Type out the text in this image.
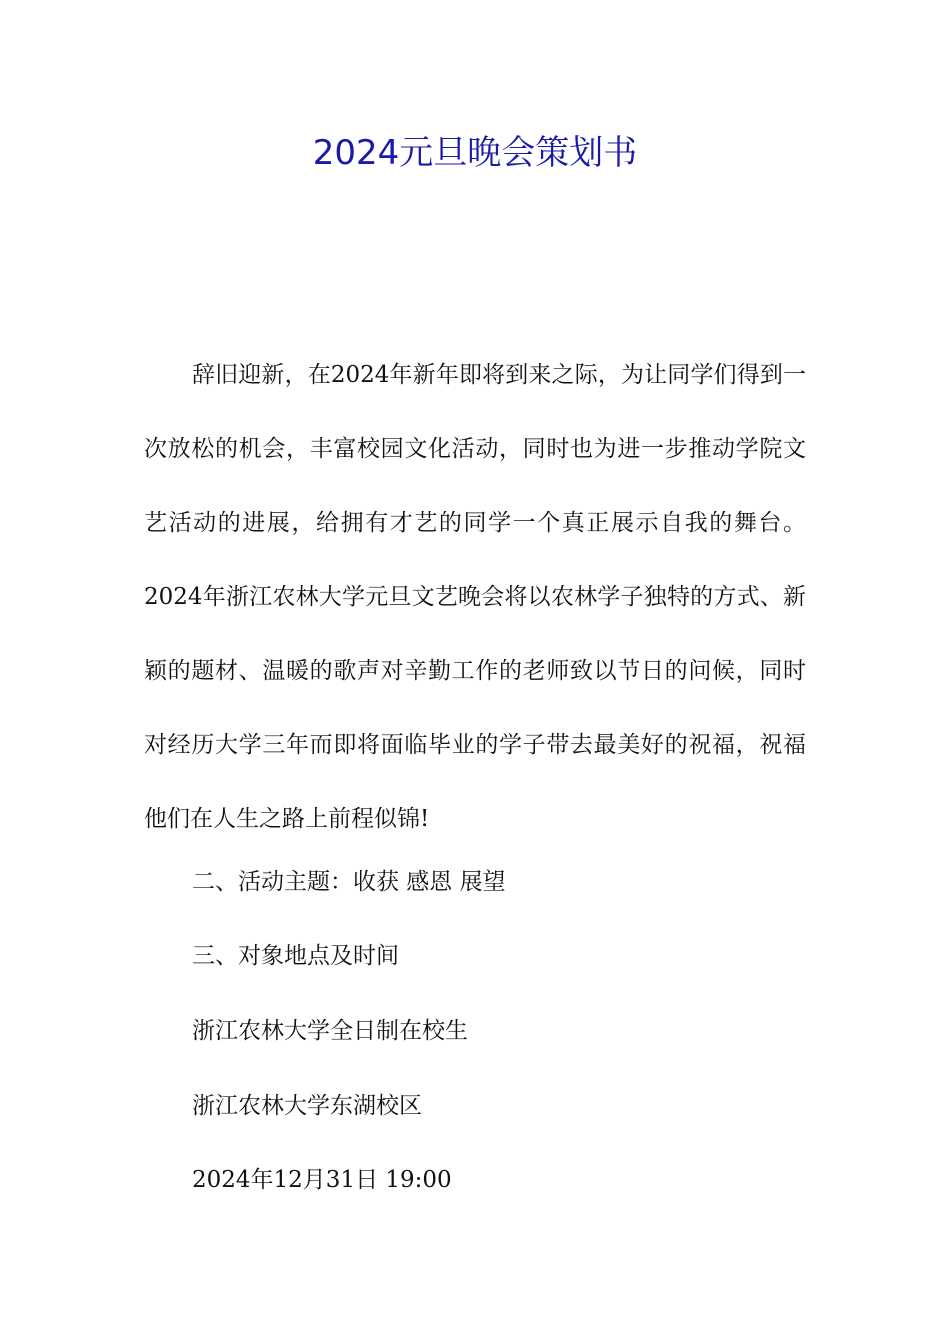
2024元旦晚会策划书

辞旧迎新，在2024年新年即将到来之际，为让同学们得到一次放松的机会，丰富校园文化活动，同时也为进一步推动学院文艺活动的进展，给拥有才艺的同学一个真正展示自我的舞台。2024年浙江农林大学元旦文艺晚会将以农林学子独特的方式、新颖的题材、温暖的歌声对辛勤工作的老师致以节日的问候，同时对经历大学三年而即将面临毕业的学子带去最美好的祝福，祝福他们在人生之路上前程似锦!

二、活动主题：收获 感恩 展望

三、对象地点及时间

浙江农林大学全日制在校生

浙江农林大学东湖校区

2024年12月31日 19:00
